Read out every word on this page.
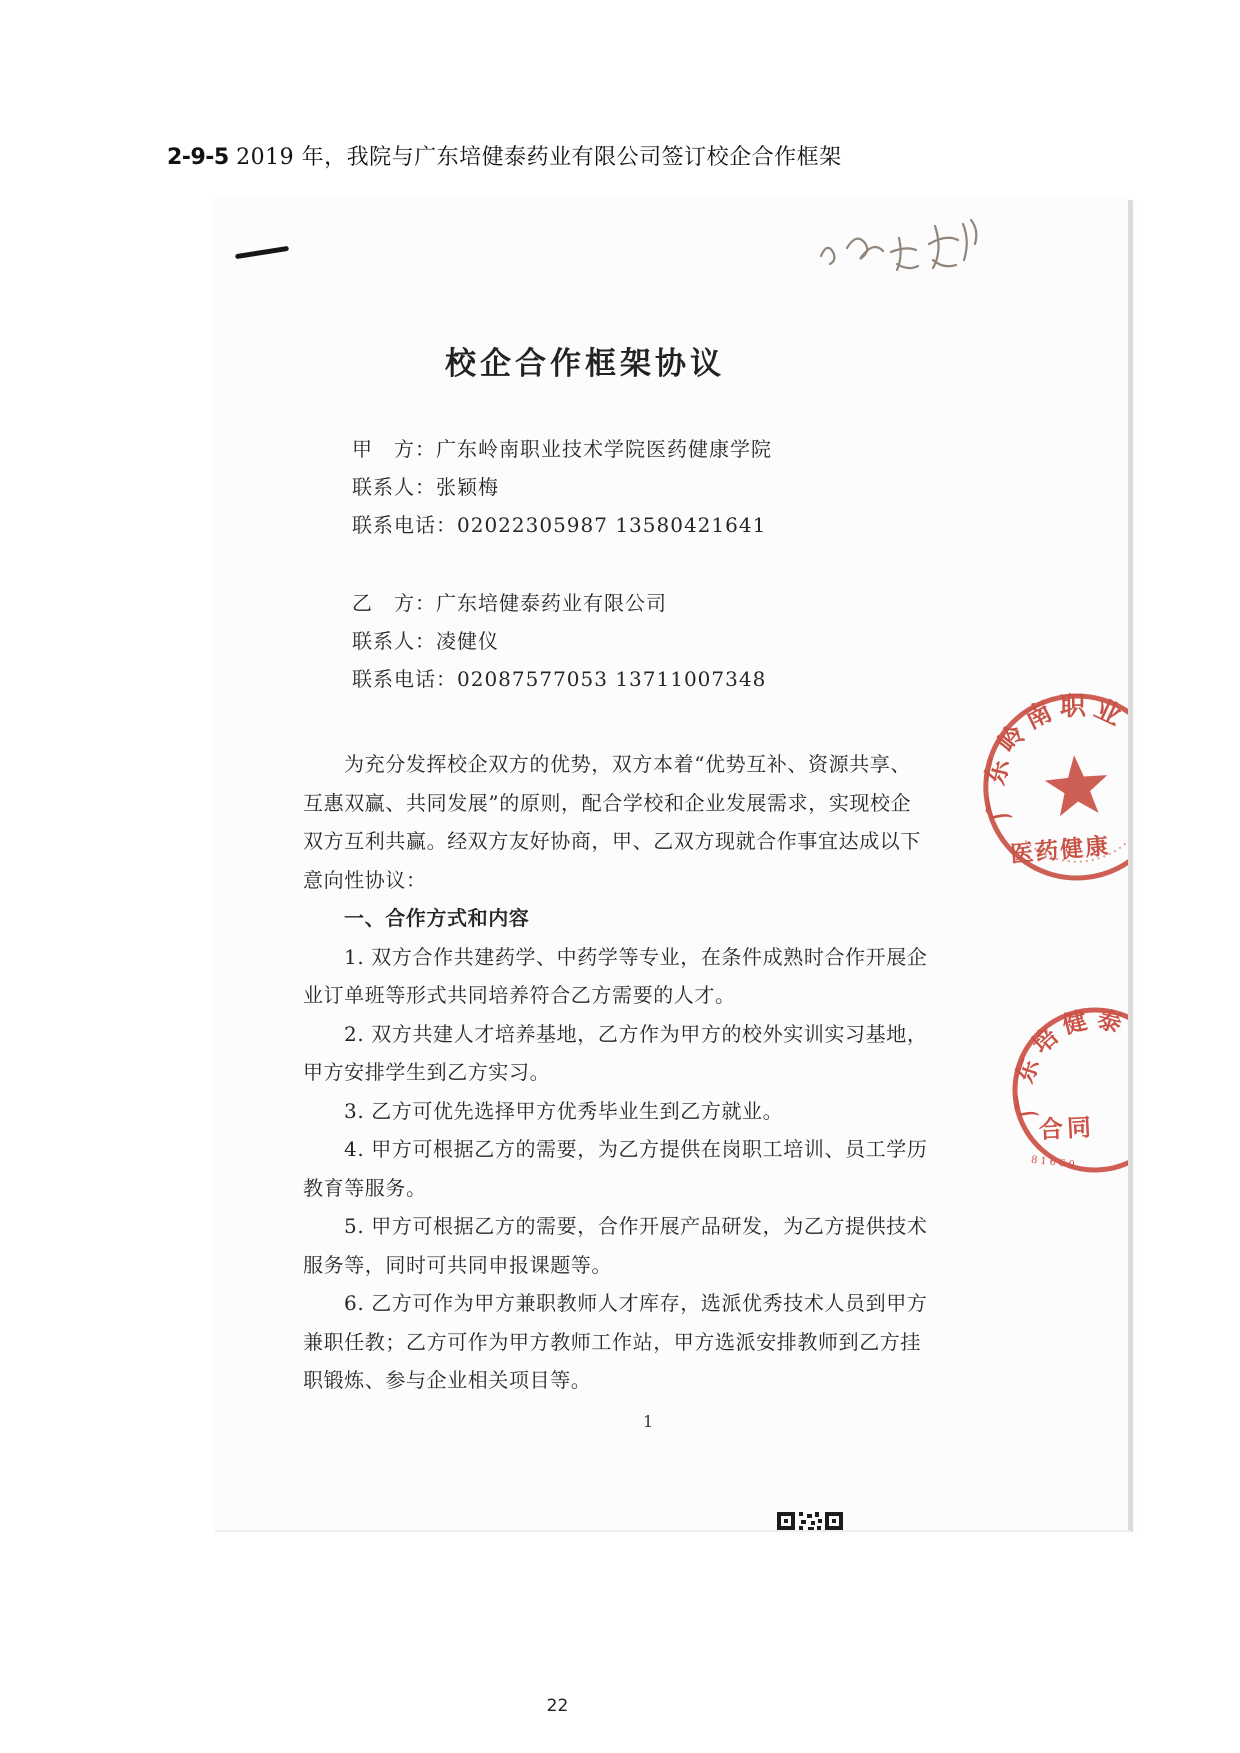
2-9-5 2019 年，我院与广东培健泰药业有限公司签订校企合作框架
校企合作框架协议
甲　方：广东岭南职业技术学院医药健康学院
联系人：张颖梅
联系电话：02022305987 13580421641
乙　方：广东培健泰药业有限公司
联系人：凌健仪
联系电话：02087577053 13711007348
为充分发挥校企双方的优势，双方本着“优势互补、资源共享、
互惠双赢、共同发展”的原则，配合学校和企业发展需求，实现校企
双方互利共赢。经双方友好协商，甲、乙双方现就合作事宜达成以下
意向性协议：
一、合作方式和内容
1. 双方合作共建药学、中药学等专业，在条件成熟时合作开展企
业订单班等形式共同培养符合乙方需要的人才。
2. 双方共建人才培养基地，乙方作为甲方的校外实训实习基地，
甲方安排学生到乙方实习。
3. 乙方可优先选择甲方优秀毕业生到乙方就业。
4. 甲方可根据乙方的需要，为乙方提供在岗职工培训、员工学历
教育等服务。
5. 甲方可根据乙方的需要，合作开展产品研发，为乙方提供技术
服务等，同时可共同申报课题等。
6. 乙方可作为甲方兼职教师人才库存，选派优秀技术人员到甲方
兼职任教；乙方可作为甲方教师工作站，甲方选派安排教师到乙方挂
职锻炼、参与企业相关项目等。
广东岭南职业
医药健康
广东培健泰
合同
81660
1
22
